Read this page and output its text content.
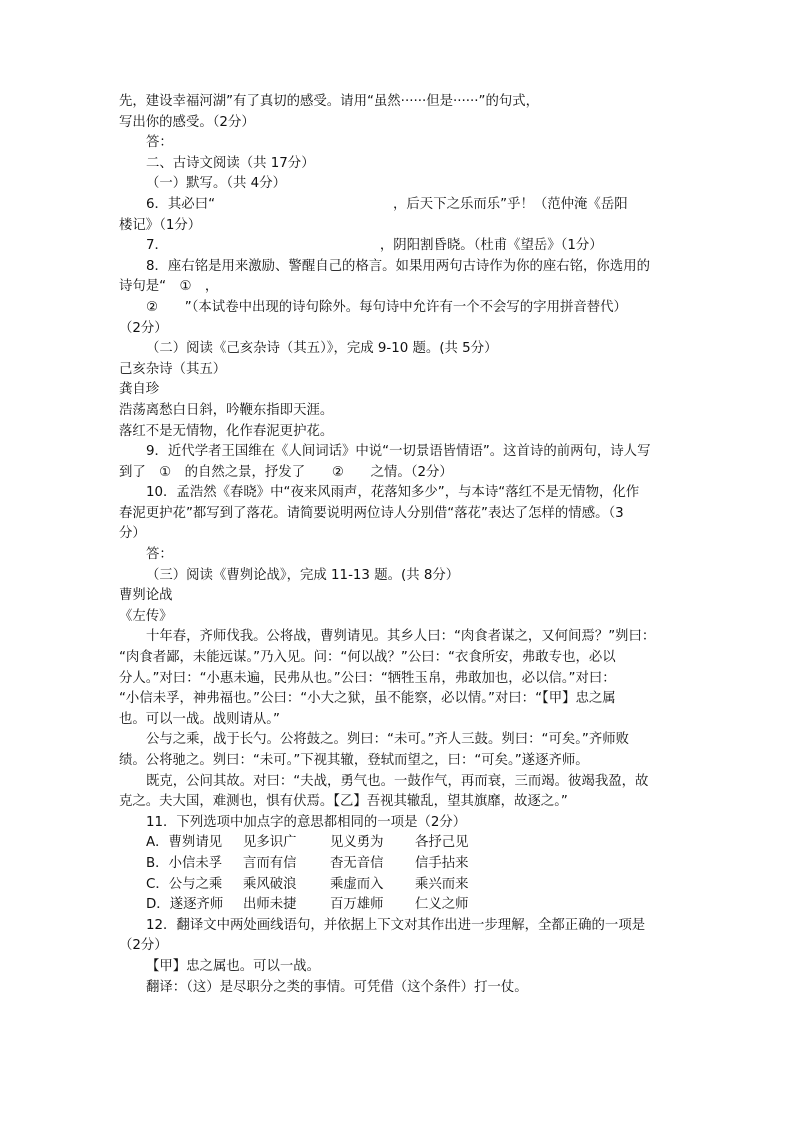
先，建设幸福河湖”有了真切的感受。请用“虽然······但是······”的句式，

写出你的感受。（2分）

答：

二、古诗文阅读（共 17分）

（一）默写。（共 4分）

6．其必曰“	，后天下之乐而乐”乎！（范仲淹《岳阳

楼记》（1分）

7．	，阴阳割昏晓。（杜甫《望岳》（1分）

8．座右铭是用来激励、警醒自己的格言。如果用两句古诗作为你的座右铭，你选用的

诗句是“　①　，

②　　”（本试卷中出现的诗句除外。每句诗中允许有一个不会写的字用拼音替代）

（2分）

（二）阅读《己亥杂诗（其五）》，完成 9-10 题。(共 5分）

己亥杂诗（其五）

龚自珍

浩荡离愁白日斜，吟鞭东指即天涯。

落红不是无情物，化作春泥更护花。

9．近代学者王国维在《人间词话》中说“一切景语皆情语”。这首诗的前两句，诗人写

到了　①　的自然之景，抒发了　　②　　之情。（2分）

10．孟浩然《春晓》中“夜来风雨声，花落知多少”，与本诗“落红不是无情物，化作

春泥更护花”都写到了落花。请简要说明两位诗人分别借“落花”表达了怎样的情感。（3

分）

答：

（三）阅读《曹刿论战》，完成 11-13 题。(共 8分）

曹刿论战

《左传》

十年春，齐师伐我。公将战，曹刿请见。其乡人曰：“肉食者谋之，又何间焉？”刿曰：

“肉食者鄙，未能远谋。”乃入见。问：“何以战？”公曰：“衣食所安，弗敢专也，必以

分人。”对曰：“小惠未遍，民弗从也。”公曰：“牺牲玉帛，弗敢加也，必以信。”对曰：

“小信未孚，神弗福也。”公曰：“小大之狱，虽不能察，必以情。”对曰：“【甲】忠之属

也。可以一战。战则请从。”

公与之乘，战于长勺。公将鼓之。刿曰：“未可。”齐人三鼓。刿曰：“可矣。”齐师败

绩。公将驰之。刿曰：“未可。”下视其辙，登轼而望之，曰：“可矣。”遂逐齐师。

既克，公问其故。对曰：“夫战，勇气也。一鼓作气，再而衰，三而竭。彼竭我盈，故

克之。夫大国，难测也，惧有伏焉。【乙】吾视其辙乱，望其旗靡，故逐之。”

11．下列选项中加点字的意思都相同的一项是（2分）

A．曹刿请见	见多识广	见义勇为	各抒己见
B．小信未孚	言而有信	杳无音信	信手拈来
C．公与之乘	乘风破浪	乘虚而入	乘兴而来
D．遂逐齐师	出师未捷	百万雄师	仁义之师

12．翻译文中两处画线语句，并依据上下文对其作出进一步理解，全都正确的一项是

（2分）

【甲】忠之属也。可以一战。

翻译：（这）是尽职分之类的事情。可凭借（这个条件）打一仗。
